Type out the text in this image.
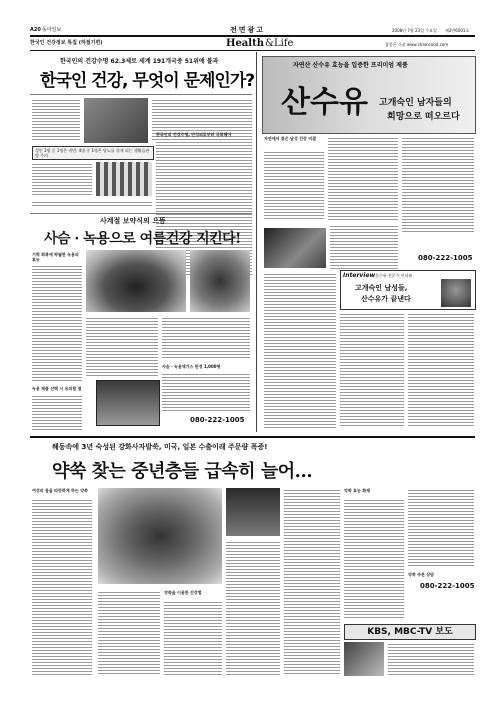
A20 동아일보	전면광고	2008년 7월 23일 수요일 제2만6001호
한국인 건강정보 특집 (하절기편)	Health & Life	참좋은 식품 www.chamcood.com
한국인의 건강수명 62.3세로 세계 191개국중 51위에 불과
한국인 건강, 무엇이 문제인가?
성인 3명 중 1명은 비만, 4명 중 1명은 당뇨를 겪게 되는 생활습관병 주의
한국인의 건강수명, 만성피로부터 극복해야
사계절 보약식의 으뜸
사슴 · 녹용으로 여름건강 지킨다!
기력 회복에 탁월한 녹용의 효능
녹용 제품 선택 시 유의할 점
사슴 · 녹용엑기스 한정 1,000명
080-222-1005
자연산 산수유 효능을 입증한 프리미엄 제품
산수유 고개숙인 남자들의
희망으로 떠오르다
자연에서 찾은 남성 건강 비결
080-222-1005
Interview 산수유 전문가 인터뷰
고개숙인 남성들,
산수유가 끝낸다
해동속에 3년 숙성된 강화사자발쑥, 미국, 일본 수출이래 주문량 폭증!
약쑥 찾는 중년층들 급속히 늘어…
여성의 몸을 따뜻하게 하는 약쑥
약쑥을 이용한 건강법
약쑥 효능 화제
약쑥 주문 상담
080-222-1005
KBS, MBC-TV 보도
